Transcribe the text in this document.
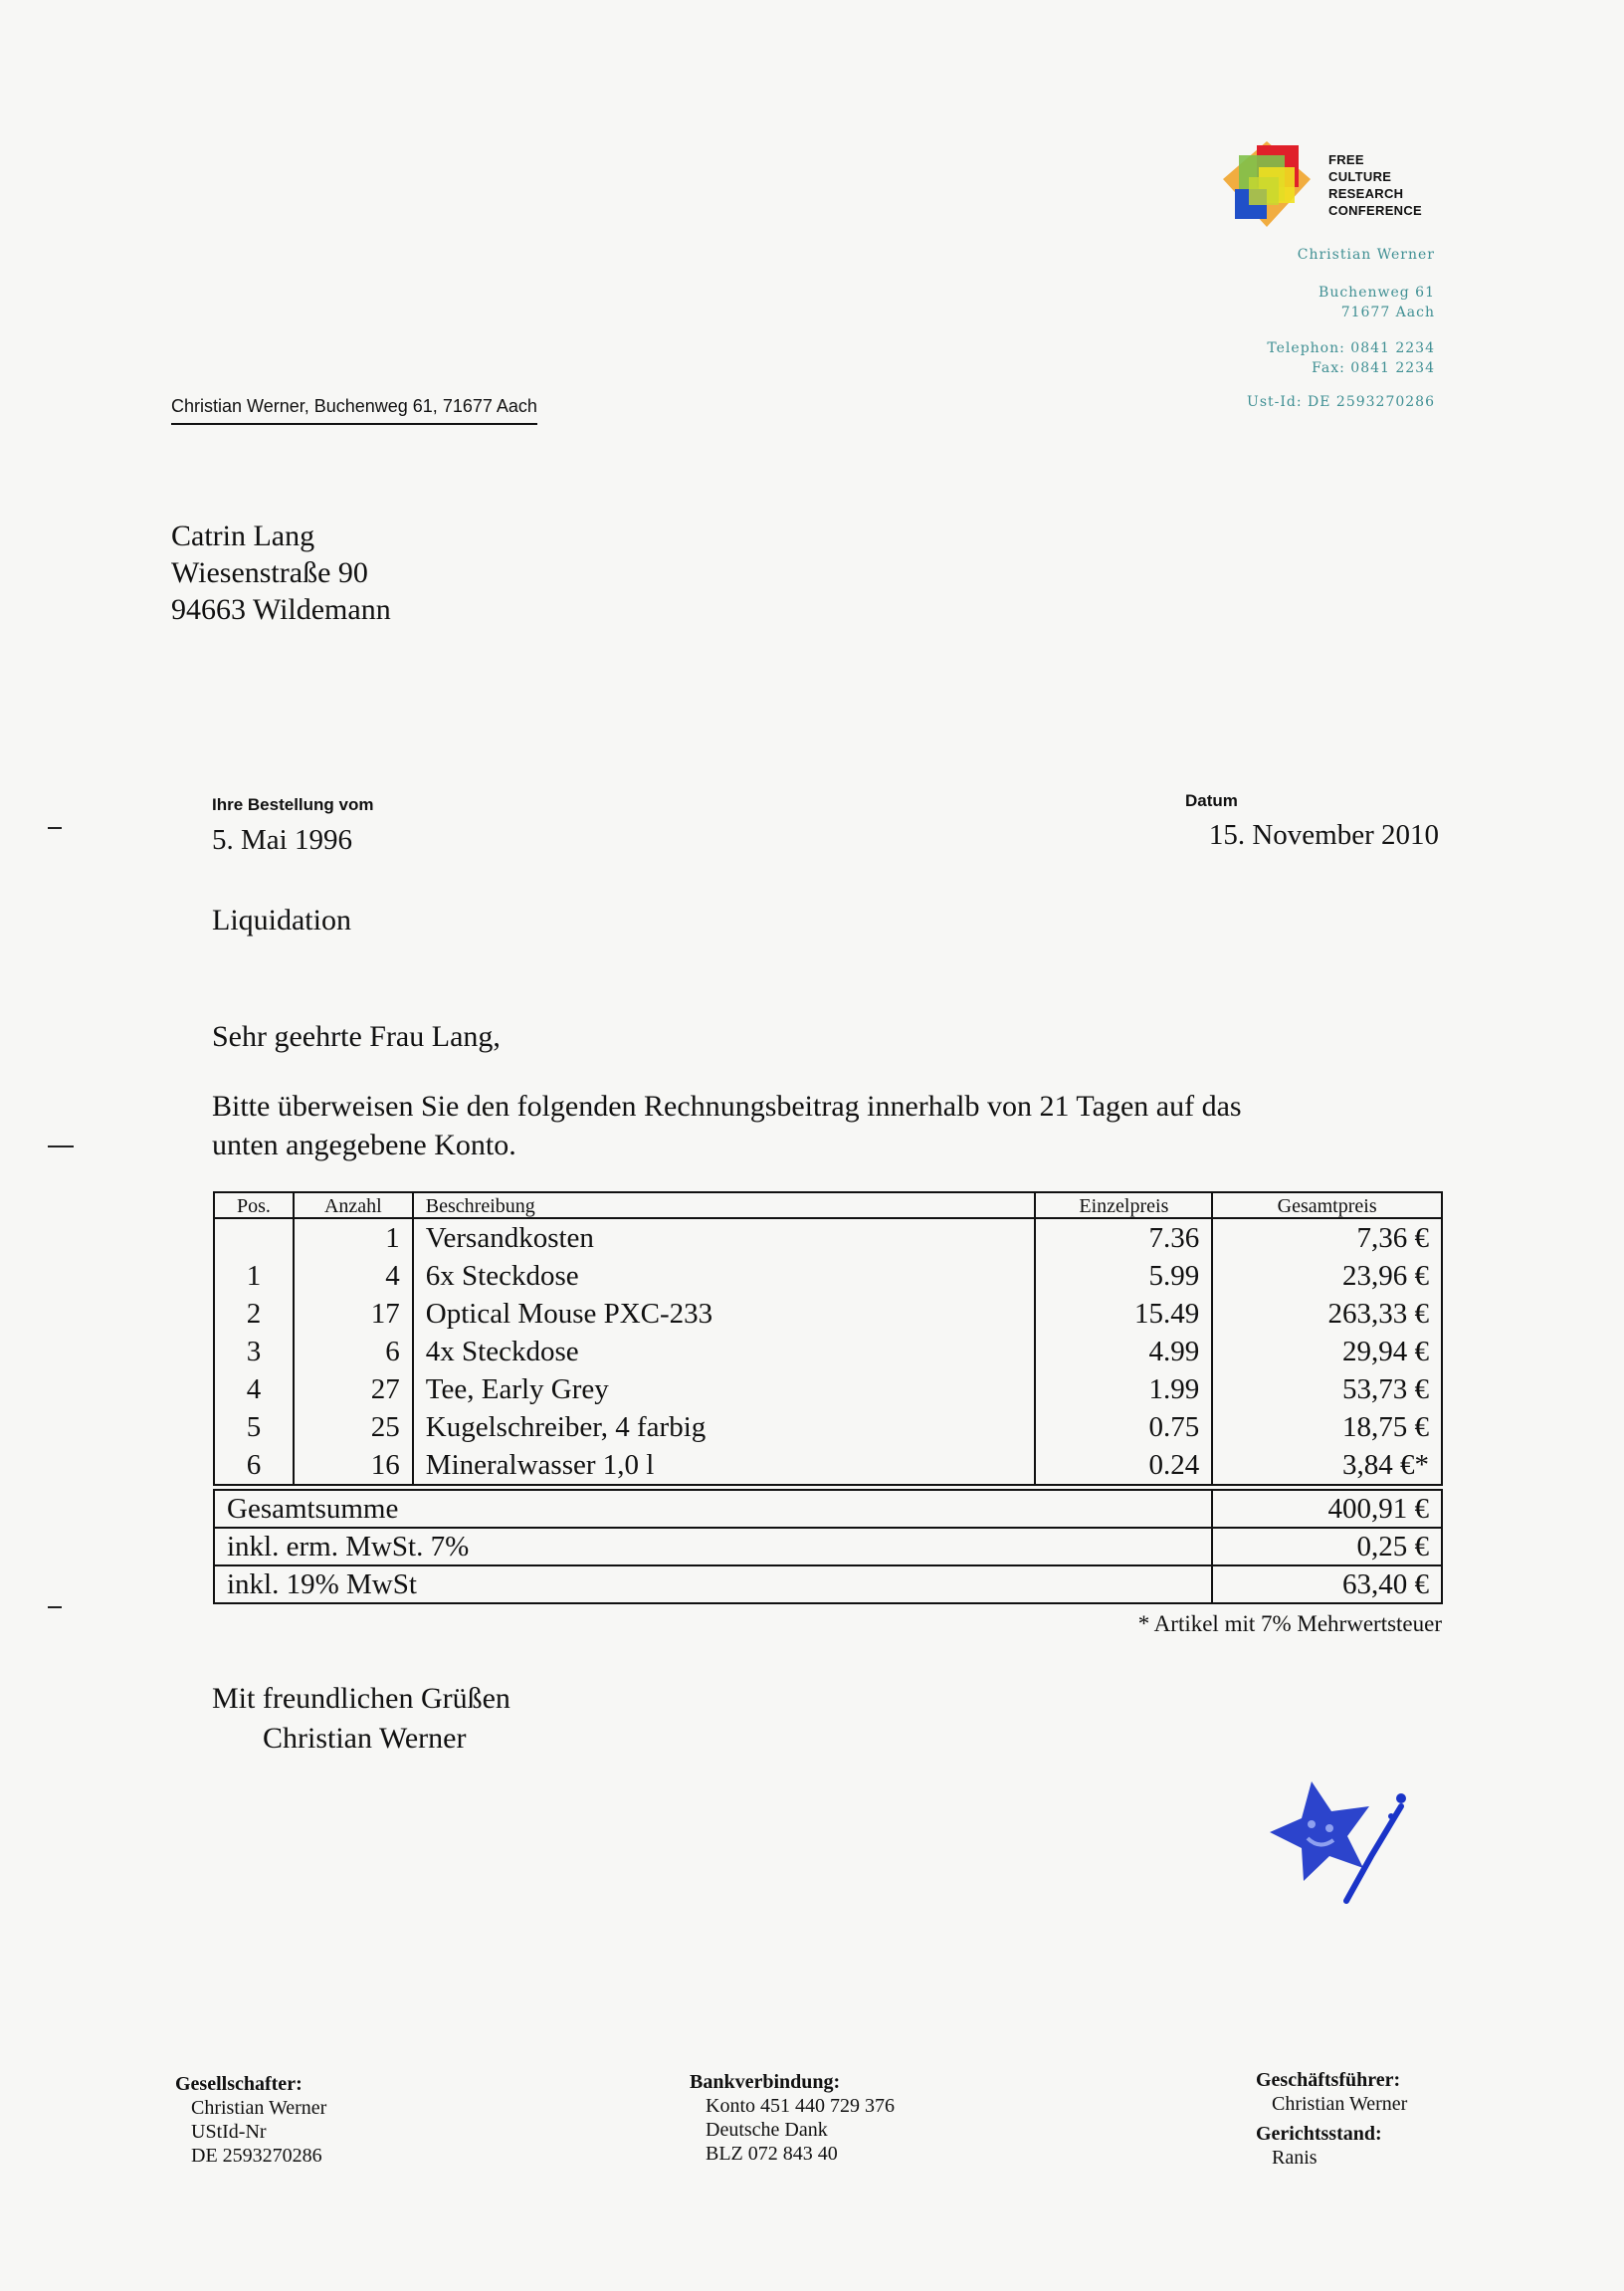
FREE
CULTURE
RESEARCH
CONFERENCE
Christian Werner
Buchenweg 61
71677 Aach
Telephon: 0841 2234
Fax: 0841 2234
Ust-Id: DE 2593270286
Christian Werner, Buchenweg 61, 71677 Aach
Catrin Lang
Wiesenstraße 90
94663 Wildemann
Ihre Bestellung vom
5. Mai 1996
Datum
15. November 2010
Liquidation
Sehr geehrte Frau Lang,
Bitte überweisen Sie den folgenden Rechnungsbeitrag innerhalb von 21 Tagen auf das
unten angegebene Konto.
Pos.	Anzahl	Beschreibung	Einzelpreis	Gesamtpreis
	1	Versandkosten	7.36	7,36 €
1	4	6x Steckdose	5.99	23,96 €
2	17	Optical Mouse PXC-233	15.49	263,33 €
3	6	4x Steckdose	4.99	29,94 €
4	27	Tee, Early Grey	1.99	53,73 €
5	25	Kugelschreiber, 4 farbig	0.75	18,75 €
6	16	Mineralwasser 1,0 l	0.24	3,84 €*
Gesamtsumme	400,91 €
inkl. erm. MwSt. 7%	0,25 €
inkl. 19% MwSt	63,40 €
* Artikel mit 7% Mehrwertsteuer
Mit freundlichen Grüßen
Christian Werner
Gesellschafter:
Christian Werner
UStId-Nr
DE 2593270286
Bankverbindung:
Konto 451 440 729 376
Deutsche Dank
BLZ 072 843 40
Geschäftsführer:
Christian Werner
Gerichtsstand:
Ranis
